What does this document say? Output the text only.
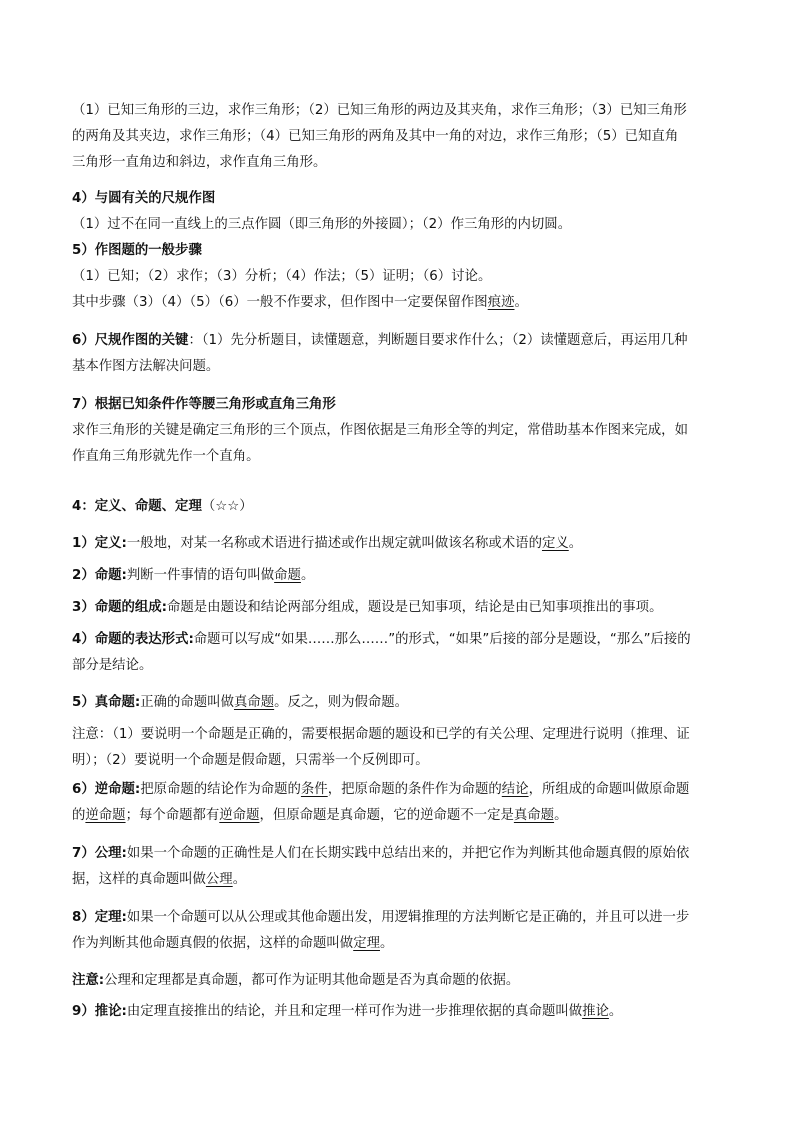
（1）已知三角形的三边，求作三角形；（2）已知三角形的两边及其夹角，求作三角形；（3）已知三角形
的两角及其夹边，求作三角形；（4）已知三角形的两角及其中一角的对边，求作三角形；（5）已知直角
三角形一直角边和斜边，求作直角三角形。
4）与圆有关的尺规作图
（1）过不在同一直线上的三点作圆（即三角形的外接圆）；（2）作三角形的内切圆。
5）作图题的一般步骤
（1）已知；（2）求作；（3）分析；（4）作法；（5）证明；（6）讨论。
其中步骤（3）（4）（5）（6）一般不作要求，但作图中一定要保留作图痕迹。
6）尺规作图的关键：（1）先分析题目，读懂题意，判断题目要求作什么；（2）读懂题意后，再运用几种
基本作图方法解决问题。
7）根据已知条件作等腰三角形或直角三角形
求作三角形的关键是确定三角形的三个顶点，作图依据是三角形全等的判定，常借助基本作图来完成，如
作直角三角形就先作一个直角。
4：定义、命题、定理（☆☆）
1）定义:一般地，对某一名称或术语进行描述或作出规定就叫做该名称或术语的定义。
2）命题:判断一件事情的语句叫做命题。
3）命题的组成:命题是由题设和结论两部分组成，题设是已知事项，结论是由已知事项推出的事项。
4）命题的表达形式:命题可以写成“如果……那么……”的形式，“如果”后接的部分是题设，“那么”后接的
部分是结论。
5）真命题:正确的命题叫做真命题。反之，则为假命题。
注意：（1）要说明一个命题是正确的，需要根据命题的题设和已学的有关公理、定理进行说明（推理、证
明）；（2）要说明一个命题是假命题，只需举一个反例即可。
6）逆命题:把原命题的结论作为命题的条件，把原命题的条件作为命题的结论，所组成的命题叫做原命题
的逆命题；每个命题都有逆命题，但原命题是真命题，它的逆命题不一定是真命题。
7）公理:如果一个命题的正确性是人们在长期实践中总结出来的，并把它作为判断其他命题真假的原始依
据，这样的真命题叫做公理。
8）定理:如果一个命题可以从公理或其他命题出发，用逻辑推理的方法判断它是正确的，并且可以进一步
作为判断其他命题真假的依据，这样的命题叫做定理。
注意:公理和定理都是真命题，都可作为证明其他命题是否为真命题的依据。
9）推论:由定理直接推出的结论，并且和定理一样可作为进一步推理依据的真命题叫做推论。
